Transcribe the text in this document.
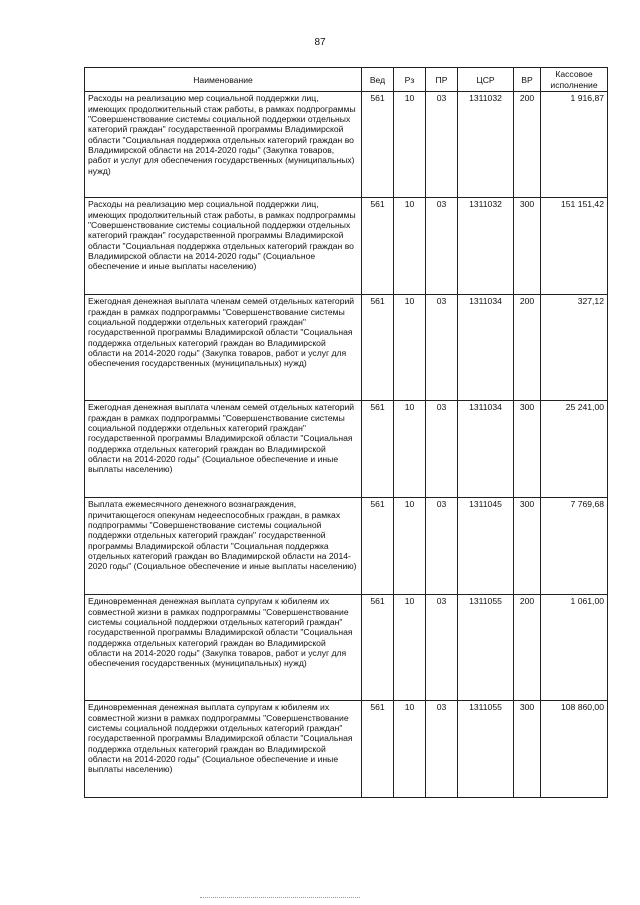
87
Наименование	Вед	Рз	ПР	ЦСР	ВР	Кассовое
исполнение
Расходы на реализацию мер социальной поддержки лиц, имеющих продолжительный стаж работы, в рамках подпрограммы "Совершенствование системы социальной поддержки отдельных категорий граждан" государственной программы Владимирской области "Социальная поддержка отдельных категорий граждан во Владимирской области на 2014-2020 годы" (Закупка товаров, работ и услуг для обеспечения государственных (муниципальных) нужд)	561	10	03	1311032	200	1 916,87
Расходы на реализацию мер социальной поддержки лиц, имеющих продолжительный стаж работы, в рамках подпрограммы "Совершенствование системы социальной поддержки отдельных категорий граждан" государственной программы Владимирской области "Социальная поддержка отдельных категорий граждан во Владимирской области на 2014-2020 годы" (Социальное обеспечение и иные выплаты населению)	561	10	03	1311032	300	151 151,42
Ежегодная денежная выплата членам семей отдельных категорий граждан в рамках подпрограммы "Совершенствование системы социальной поддержки отдельных категорий граждан" государственной программы Владимирской области "Социальная поддержка отдельных категорий граждан во Владимирской области на 2014-2020 годы" (Закупка товаров, работ и услуг для обеспечения государственных (муниципальных) нужд)	561	10	03	1311034	200	327,12
Ежегодная денежная выплата членам семей отдельных категорий граждан в рамках подпрограммы "Совершенствование системы социальной поддержки отдельных категорий граждан" государственной программы Владимирской области "Социальная поддержка отдельных категорий граждан во Владимирской области на 2014-2020 годы" (Социальное обеспечение и иные выплаты населению)	561	10	03	1311034	300	25 241,00
Выплата ежемесячного денежного вознаграждения, причитающегося опекунам недееспособных граждан, в рамках подпрограммы "Совершенствование системы социальной поддержки отдельных категорий граждан" государственной программы Владимирской области "Социальная поддержка отдельных категорий граждан во Владимирской области на 2014-2020 годы" (Социальное обеспечение и иные выплаты населению)	561	10	03	1311045	300	7 769,68
Единовременная денежная выплата супругам к юбилеям их совместной жизни в рамках подпрограммы "Совершенствование системы социальной поддержки отдельных категорий граждан" государственной программы Владимирской области "Социальная поддержка отдельных категорий граждан во Владимирской области на 2014-2020 годы" (Закупка товаров, работ и услуг для обеспечения государственных (муниципальных) нужд)	561	10	03	1311055	200	1 061,00
Единовременная денежная выплата супругам к юбилеям их совместной жизни в рамках подпрограммы "Совершенствование системы социальной поддержки отдельных категорий граждан" государственной программы Владимирской области "Социальная поддержка отдельных категорий граждан во Владимирской области на 2014-2020 годы" (Социальное обеспечение и иные выплаты населению)	561	10	03	1311055	300	108 860,00
